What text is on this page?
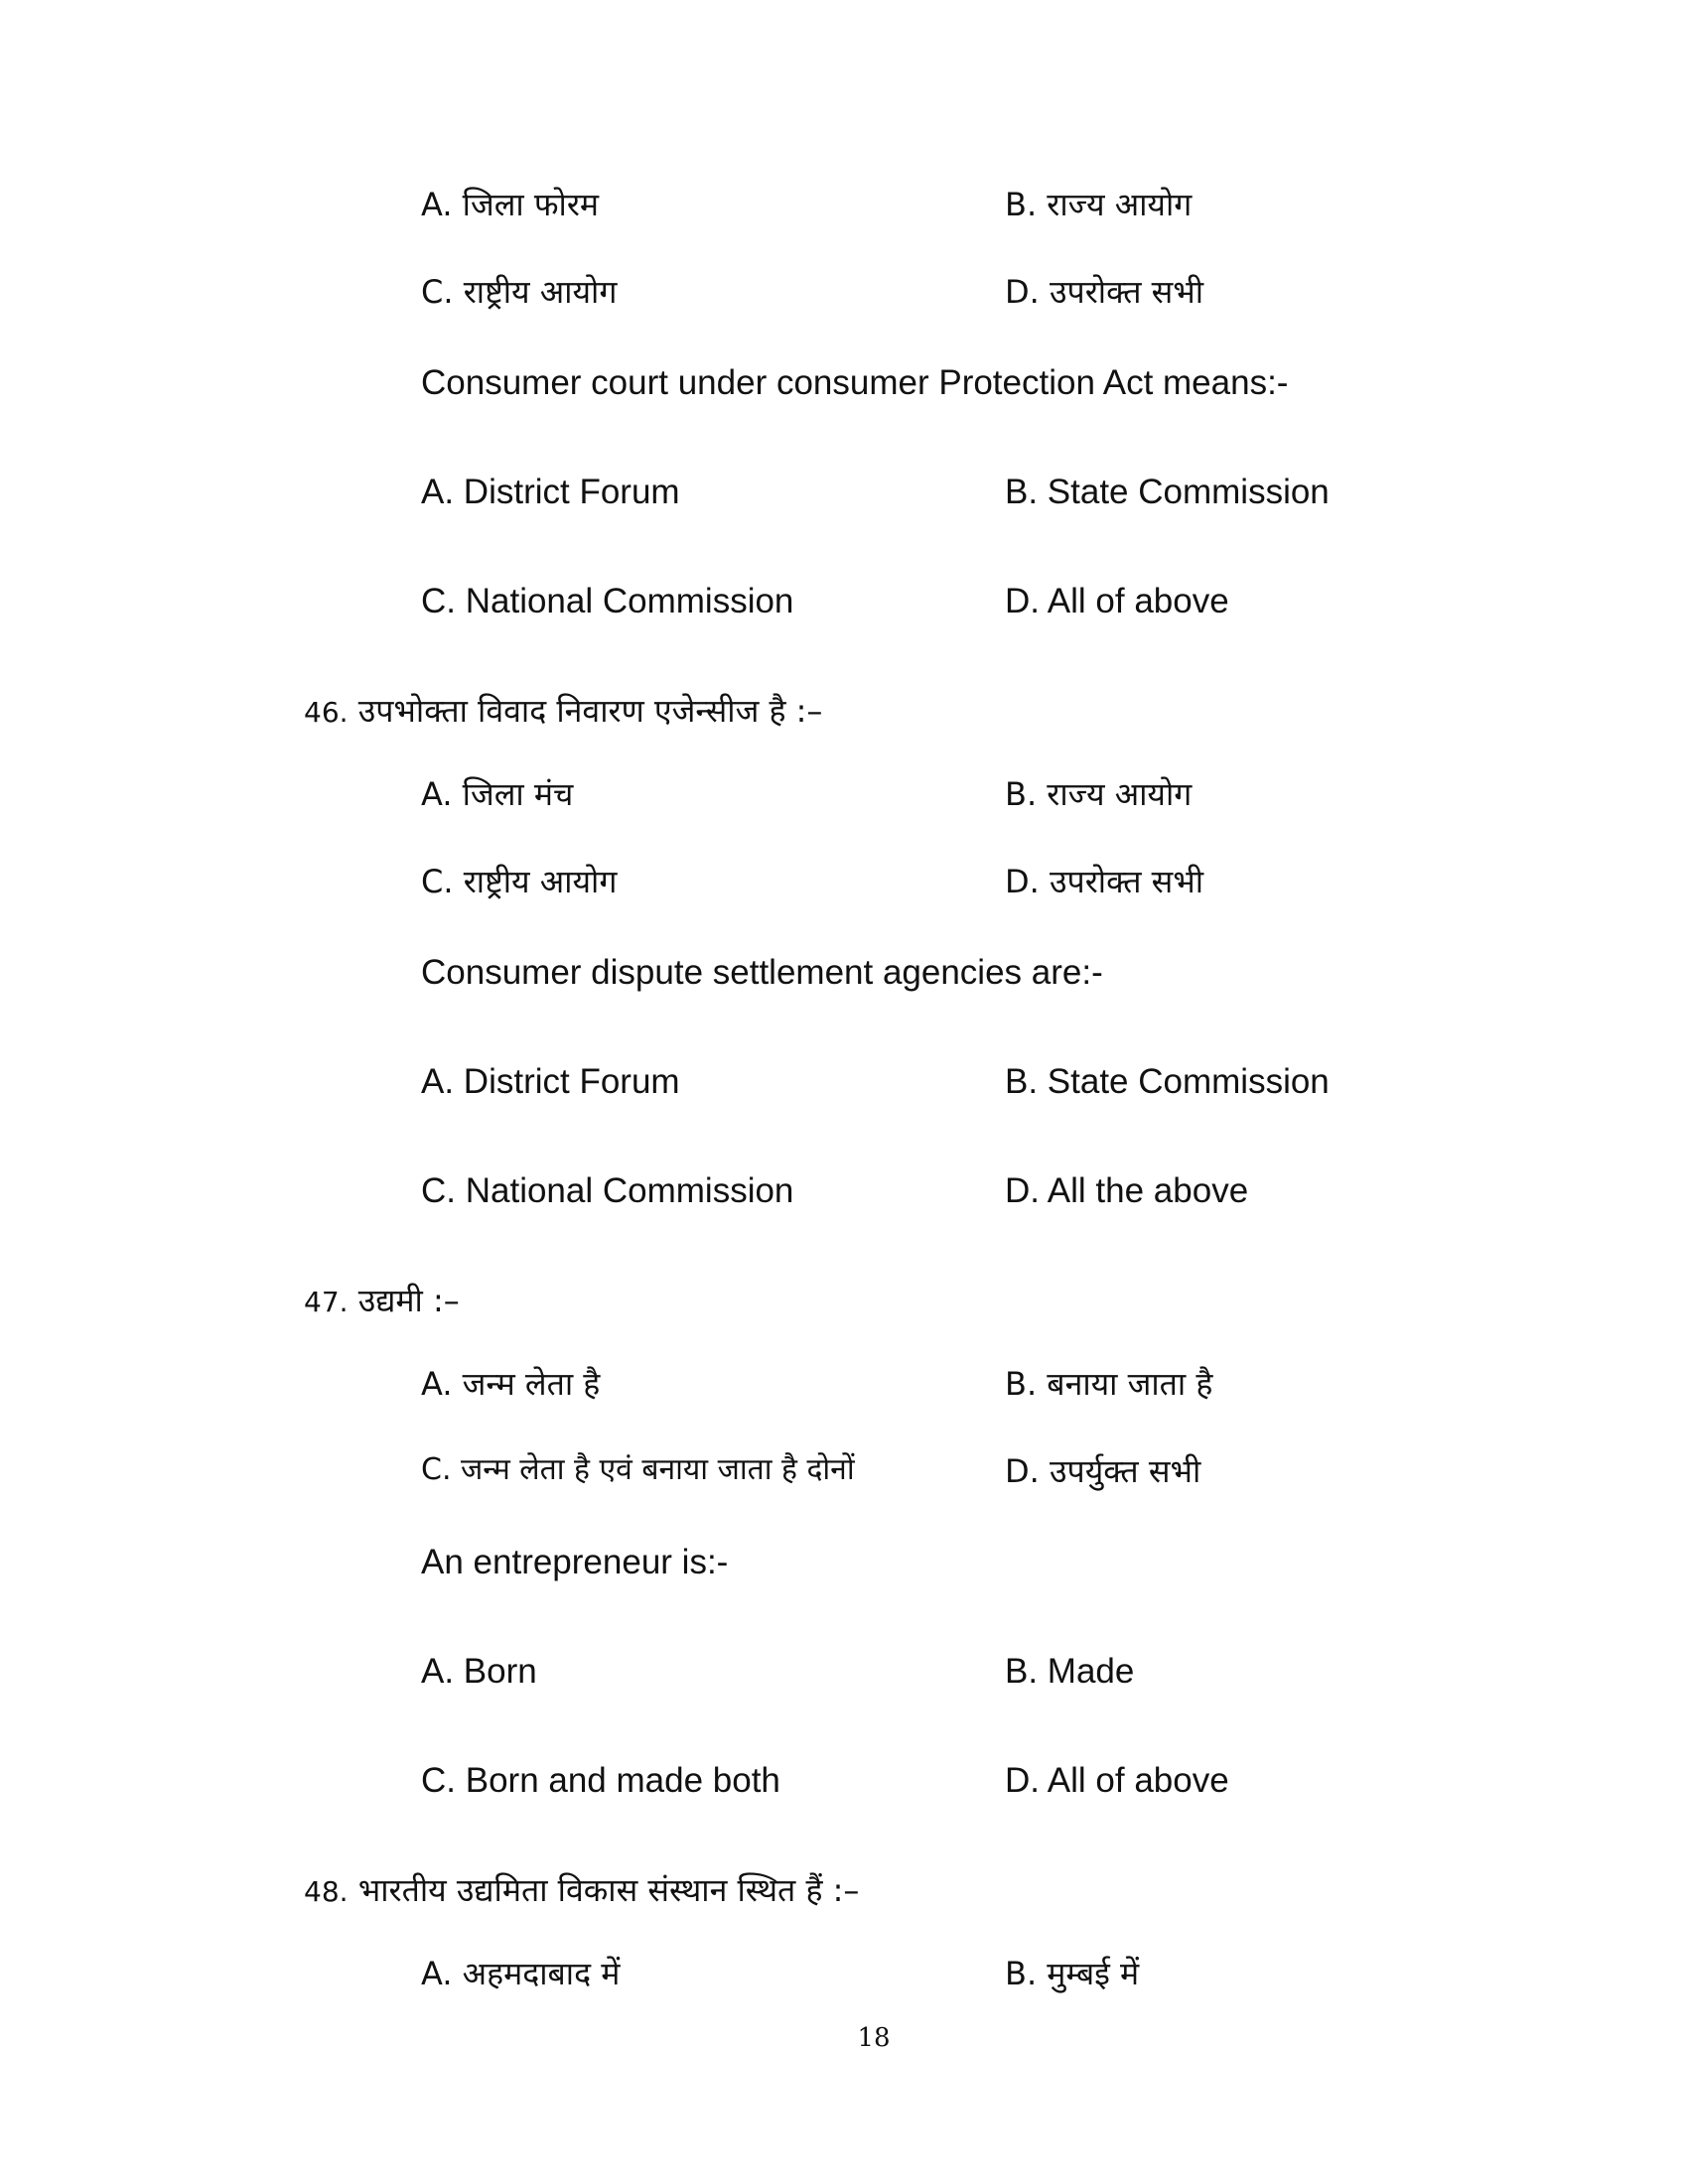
A. जिला फोरम	B. राज्य आयोग
C. राष्ट्रीय आयोग	D. उपरोक्त सभी
Consumer court under consumer Protection Act means:-
A. District Forum	B. State Commission
C. National Commission	D. All of above
46. उपभोक्ता विवाद निवारण एजेन्सीज है :–
A. जिला मंच	B. राज्य आयोग
C. राष्ट्रीय आयोग	D. उपरोक्त सभी
Consumer dispute settlement agencies are:-
A. District Forum	B. State Commission
C. National Commission	D. All the above
47. उद्यमी :–
A. जन्म लेता है	B. बनाया जाता है
C. जन्म लेता है एवं बनाया जाता है दोनों	D. उपर्युक्त सभी
An entrepreneur is:-
A. Born	B. Made
C. Born and made both	D. All of above
48. भारतीय उद्यमिता विकास संस्थान स्थित हैं :–
A. अहमदाबाद में	B. मुम्बई में
18
